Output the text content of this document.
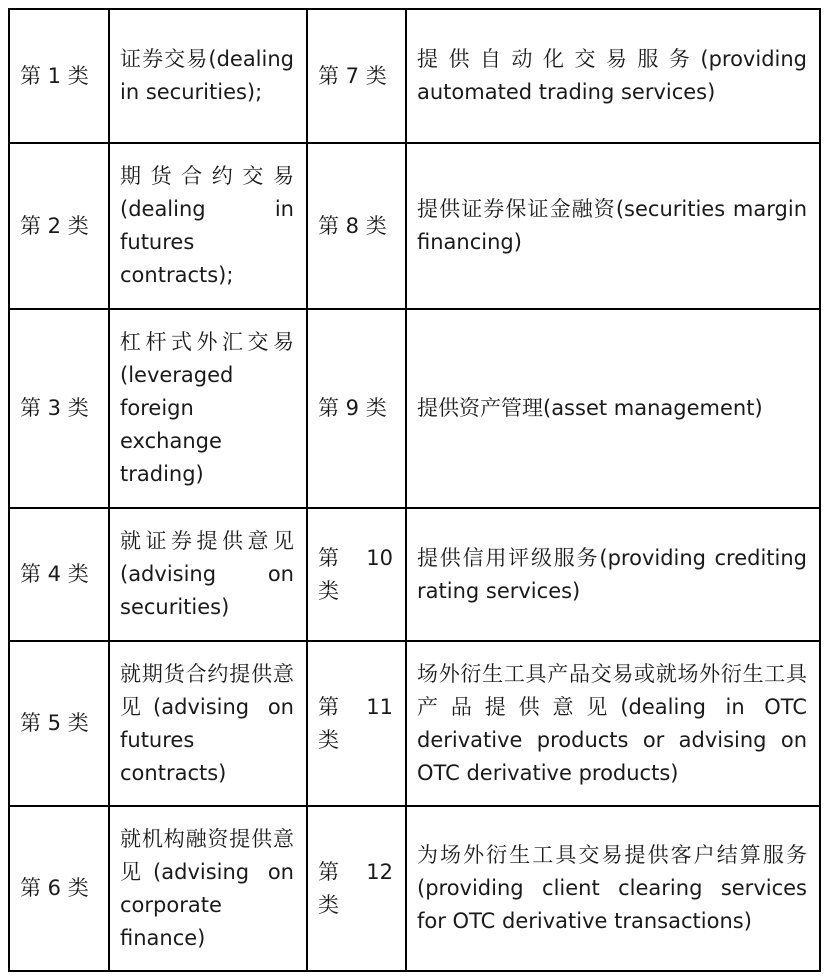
第 1 类	证券交易(dealing in securities);	第 7 类	提供自动化交易服务(providing automated trading services)
第 2 类	期货合约交易(dealing in futures contracts);	第 8 类	提供证券保证金融资(securities margin financing)
第 3 类	杠杆式外汇交易(leveraged foreign exchange trading)	第 9 类	提供资产管理(asset management)
第 4 类	就证券提供意见(advising on securities)	第 10 类	提供信用评级服务(providing crediting rating services)
第 5 类	就期货合约提供意见(advising on futures contracts)	第 11 类	场外衍生工具产品交易或就场外衍生工具产品提供意见(dealing in OTC derivative products or advising on OTC derivative products)
第 6 类	就机构融资提供意见(advising on corporate finance)	第 12 类	为场外衍生工具交易提供客户结算服务 (providing client clearing services for OTC derivative transactions)
